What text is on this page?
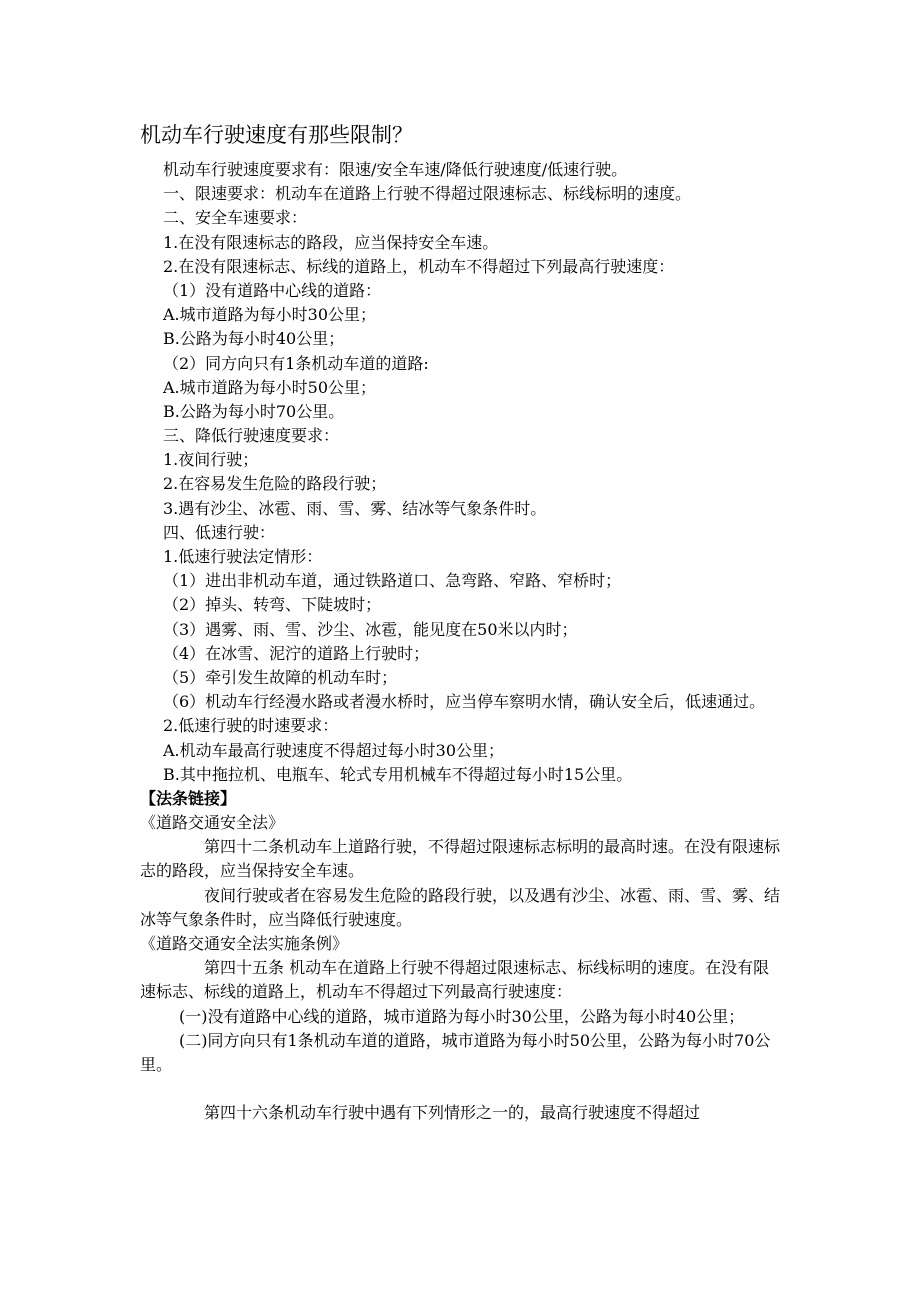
机动车行驶速度有那些限制？
机动车行驶速度要求有：限速/安全车速/降低行驶速度/低速行驶。
一、限速要求：机动车在道路上行驶不得超过限速标志、标线标明的速度。
二、安全车速要求：
1.在没有限速标志的路段，应当保持安全车速。
2.在没有限速标志、标线的道路上，机动车不得超过下列最高行驶速度：
（1）没有道路中心线的道路：
A.城市道路为每小时30公里；
B.公路为每小时40公里；
（2）同方向只有1条机动车道的道路:
A.城市道路为每小时50公里；
B.公路为每小时70公里。
三、降低行驶速度要求：
1.夜间行驶；
2.在容易发生危险的路段行驶；
3.遇有沙尘、冰雹、雨、雪、雾、结冰等气象条件时。
四、低速行驶：
1.低速行驶法定情形：
（1）进出非机动车道，通过铁路道口、急弯路、窄路、窄桥时；
（2）掉头、转弯、下陡坡时；
（3）遇雾、雨、雪、沙尘、冰雹，能见度在50米以内时；
（4）在冰雪、泥泞的道路上行驶时；
（5）牵引发生故障的机动车时；
（6）机动车行经漫水路或者漫水桥时，应当停车察明水情，确认安全后，低速通过。
2.低速行驶的时速要求：
A.机动车最高行驶速度不得超过每小时30公里；
B.其中拖拉机、电瓶车、轮式专用机械车不得超过每小时15公里。
【法条链接】
《道路交通安全法》
第四十二条机动车上道路行驶，不得超过限速标志标明的最高时速。在没有限速标志的路段，应当保持安全车速。
夜间行驶或者在容易发生危险的路段行驶，以及遇有沙尘、冰雹、雨、雪、雾、结冰等气象条件时，应当降低行驶速度。
《道路交通安全法实施条例》
第四十五条 机动车在道路上行驶不得超过限速标志、标线标明的速度。在没有限速标志、标线的道路上，机动车不得超过下列最高行驶速度：
(一)没有道路中心线的道路，城市道路为每小时30公里，公路为每小时40公里；
(二)同方向只有1条机动车道的道路，城市道路为每小时50公里，公路为每小时70公里。
第四十六条机动车行驶中遇有下列情形之一的，最高行驶速度不得超过
